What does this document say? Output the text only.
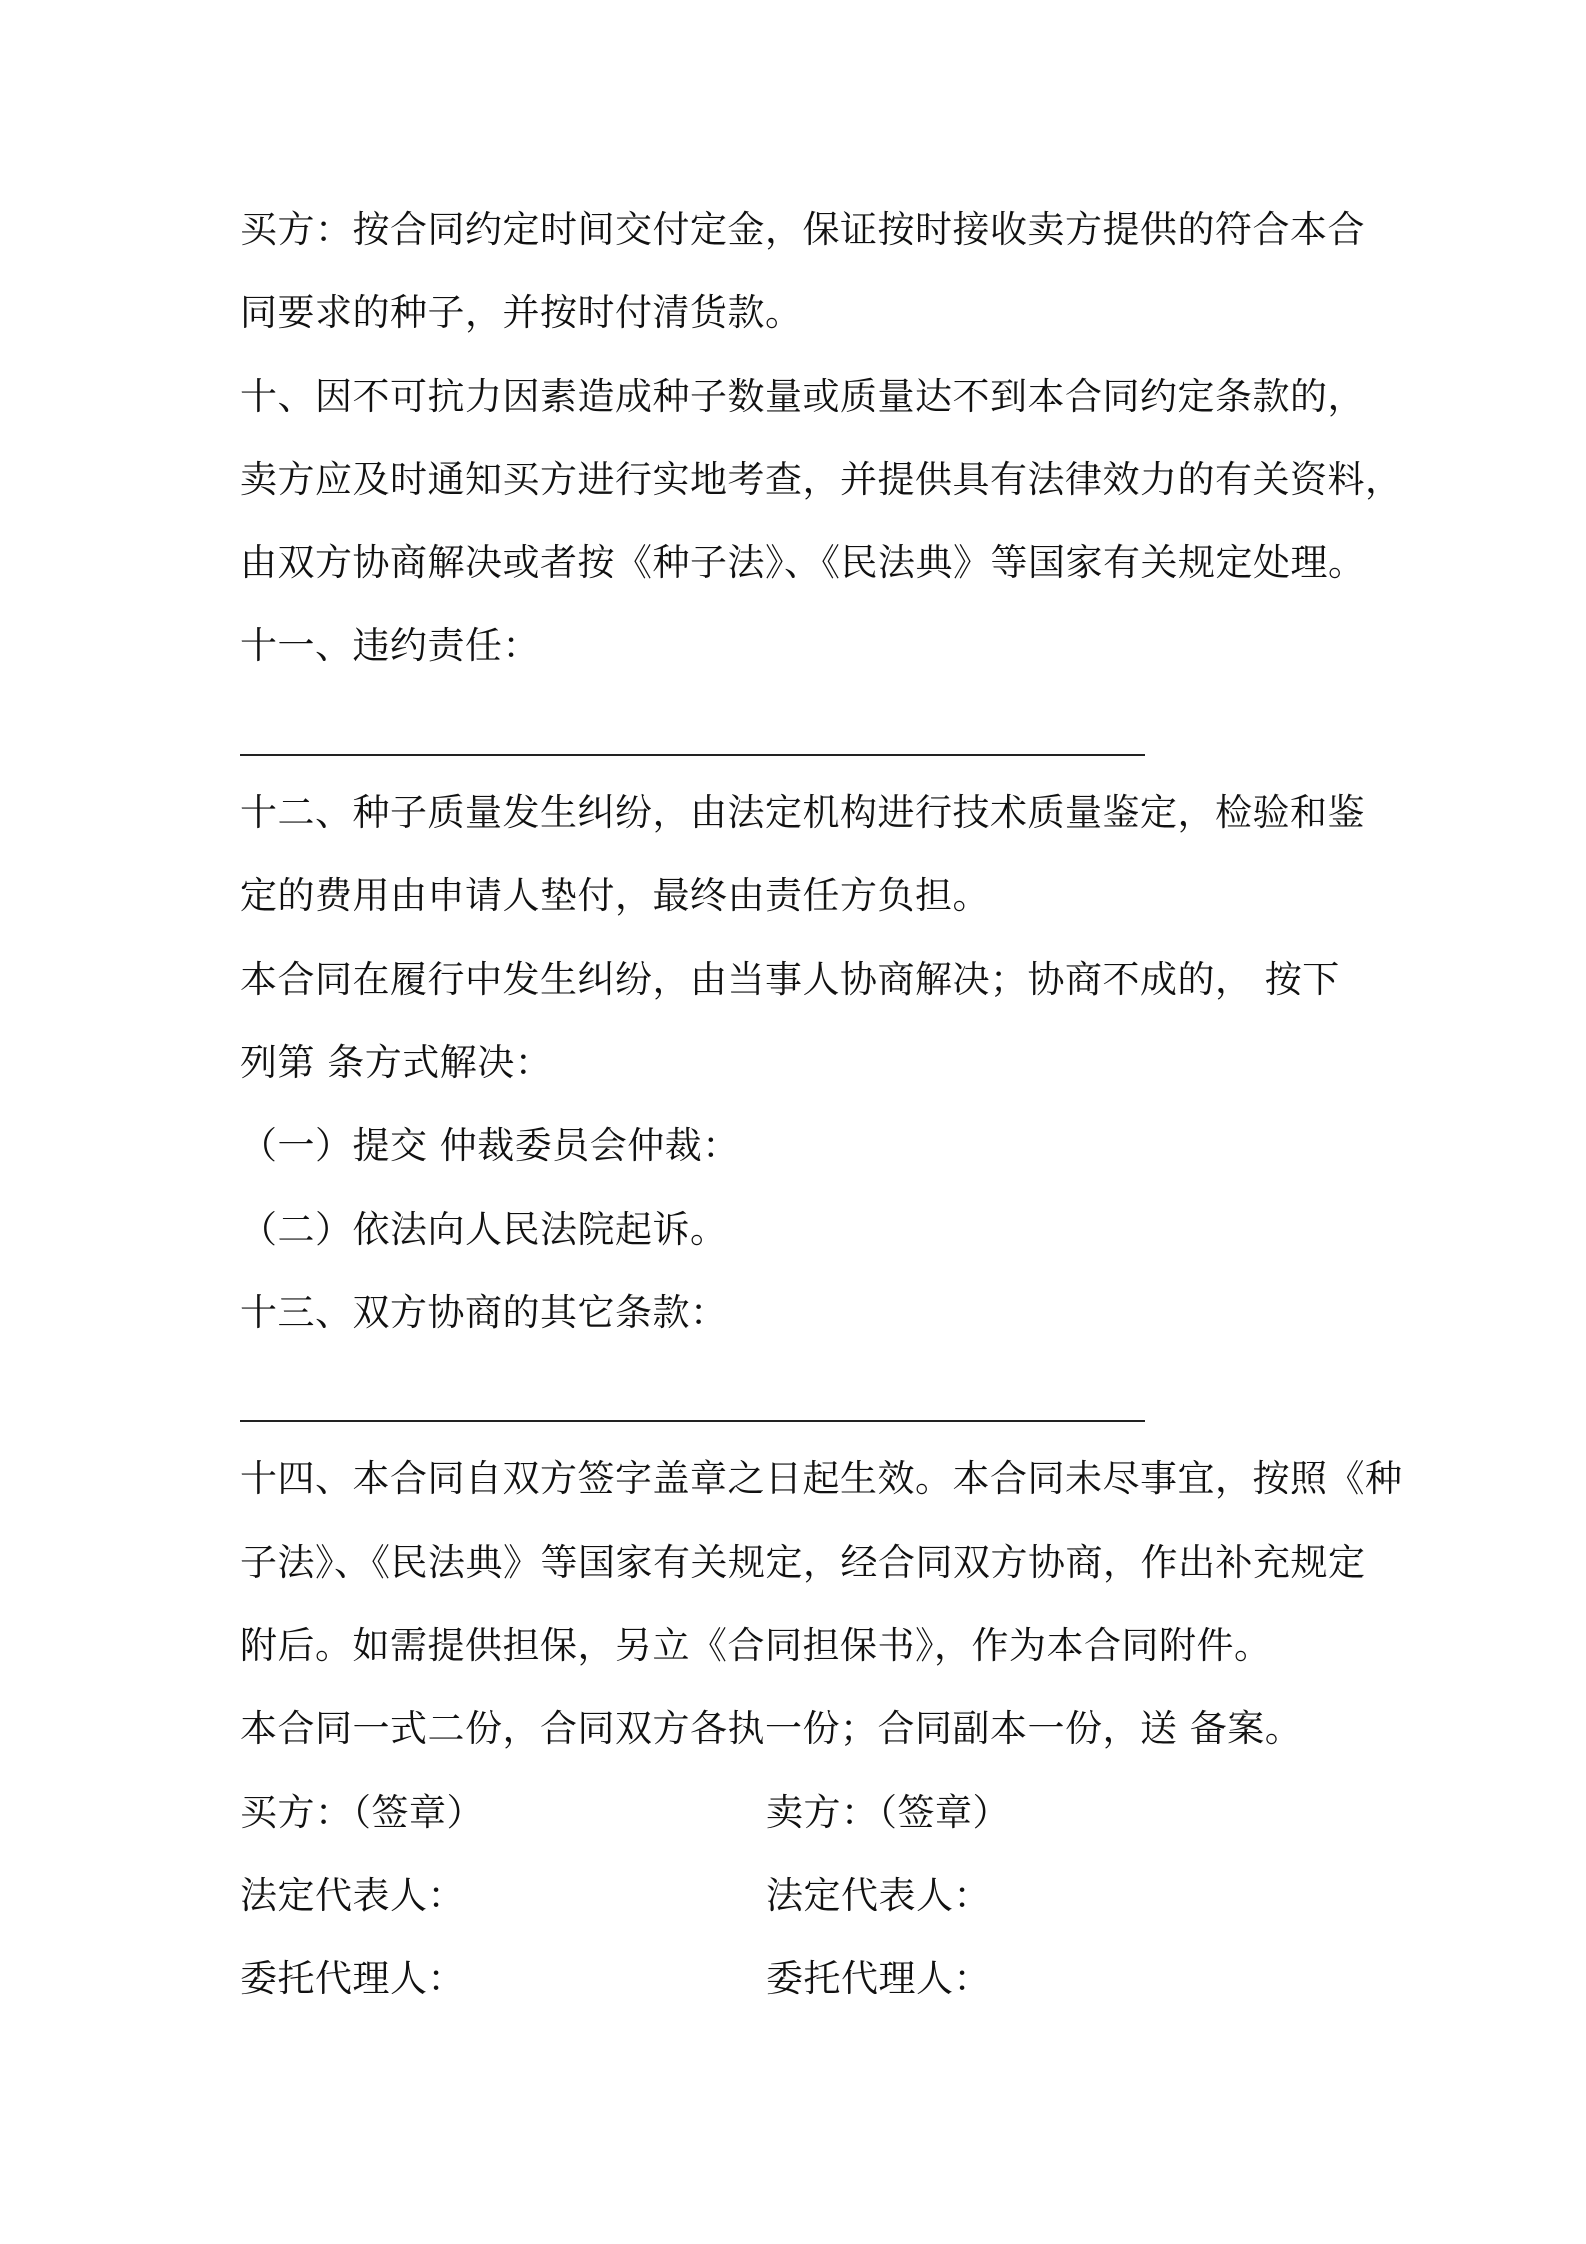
买方：按合同约定时间交付定金，保证按时接收卖方提供的符合本合
同要求的种子，并按时付清货款。
十、因不可抗力因素造成种子数量或质量达不到本合同约定条款的，
卖方应及时通知买方进行实地考查，并提供具有法律效力的有关资料，
由双方协商解决或者按《种子法》、《民法典》等国家有关规定处理。
十一、违约责任：
十二、种子质量发生纠纷，由法定机构进行技术质量鉴定，检验和鉴
定的费用由申请人垫付，最终由责任方负担。
本合同在履行中发生纠纷，由当事人协商解决；协商不成的， 按下
列第 条方式解决：
（一）提交 仲裁委员会仲裁：
（二）依法向人民法院起诉。
十三、双方协商的其它条款：
十四、本合同自双方签字盖章之日起生效。本合同未尽事宜，按照《种
子法》、《民法典》等国家有关规定，经合同双方协商，作出补充规定
附后。如需提供担保，另立《合同担保书》，作为本合同附件。
本合同一式二份，合同双方各执一份；合同副本一份，送 备案。
买方：（签章）	卖方：（签章）
法定代表人：	法定代表人：
委托代理人：	委托代理人：
